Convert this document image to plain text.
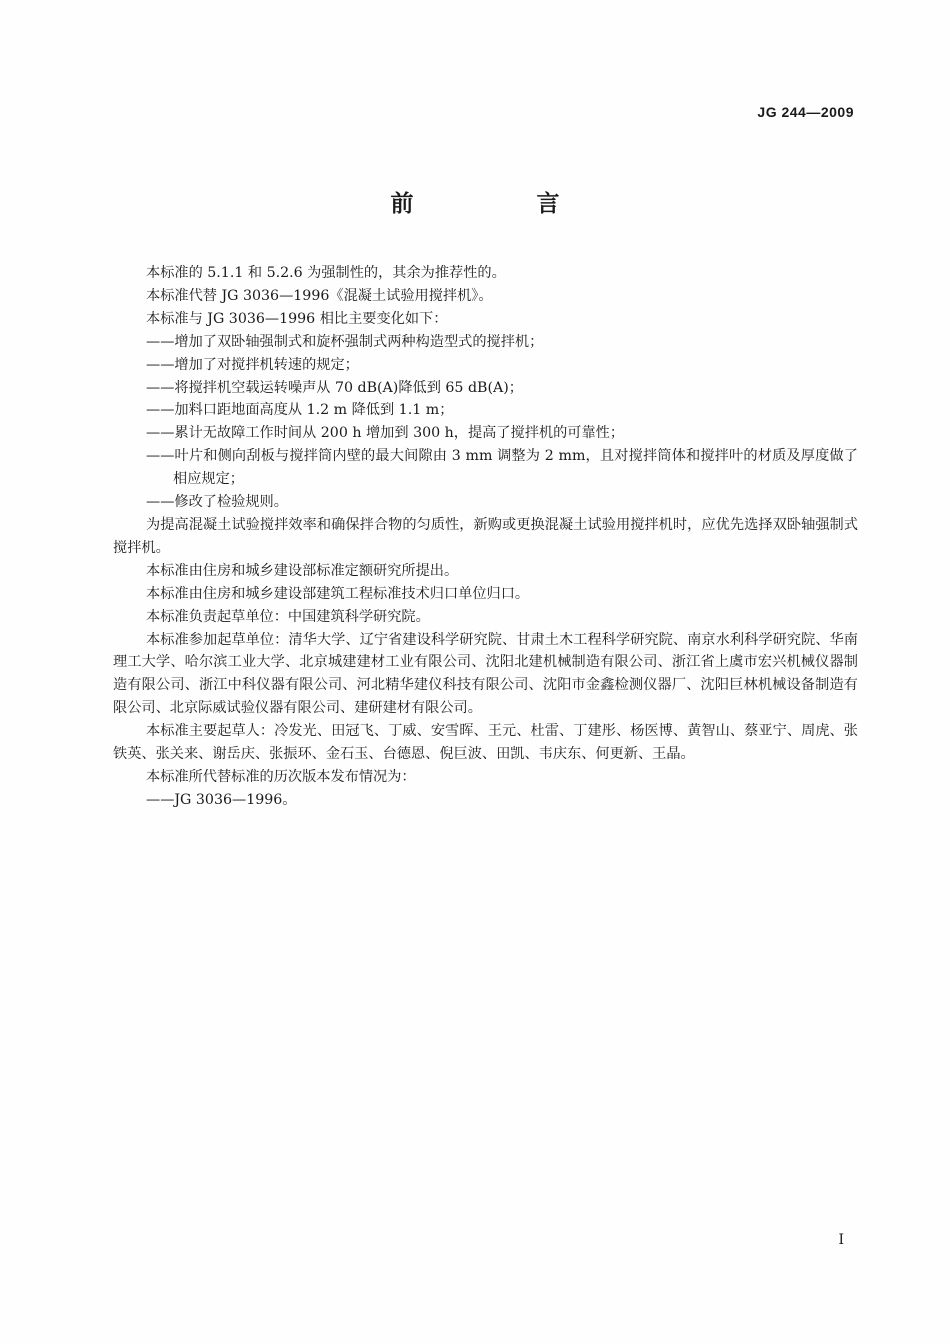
JG 244—2009
前　言

本标准的 5.1.1 和 5.2.6 为强制性的，其余为推荐性的。

本标准代替 JG 3036—1996《混凝土试验用搅拌机》。

本标准与 JG 3036—1996 相比主要变化如下：

——增加了双卧轴强制式和旋杯强制式两种构造型式的搅拌机；

——增加了对搅拌机转速的规定；

——将搅拌机空载运转噪声从 70 dB(A)降低到 65 dB(A)；

——加料口距地面高度从 1.2 m 降低到 1.1 m；

——累计无故障工作时间从 200 h 增加到 300 h，提高了搅拌机的可靠性；

——叶片和侧向刮板与搅拌筒内壁的最大间隙由 3 mm 调整为 2 mm，且对搅拌筒体和搅拌叶的材质及厚度做了相应规定；

——修改了检验规则。

为提高混凝土试验搅拌效率和确保拌合物的匀质性，新购或更换混凝土试验用搅拌机时，应优先选择双卧轴强制式搅拌机。

本标准由住房和城乡建设部标准定额研究所提出。

本标准由住房和城乡建设部建筑工程标准技术归口单位归口。

本标准负责起草单位：中国建筑科学研究院。

本标准参加起草单位：清华大学、辽宁省建设科学研究院、甘肃土木工程科学研究院、南京水利科学研究院、华南理工大学、哈尔滨工业大学、北京城建建材工业有限公司、沈阳北建机械制造有限公司、浙江省上虞市宏兴机械仪器制造有限公司、浙江中科仪器有限公司、河北精华建仪科技有限公司、沈阳市金鑫检测仪器厂、沈阳巨林机械设备制造有限公司、北京际威试验仪器有限公司、建研建材有限公司。

本标准主要起草人：冷发光、田冠飞、丁威、安雪晖、王元、杜雷、丁建彤、杨医博、黄智山、蔡亚宁、周虎、张铁英、张关来、谢岳庆、张振环、金石玉、台德恩、倪巨波、田凯、韦庆东、何更新、王晶。

本标准所代替标准的历次版本发布情况为：

——JG 3036—1996。

I
